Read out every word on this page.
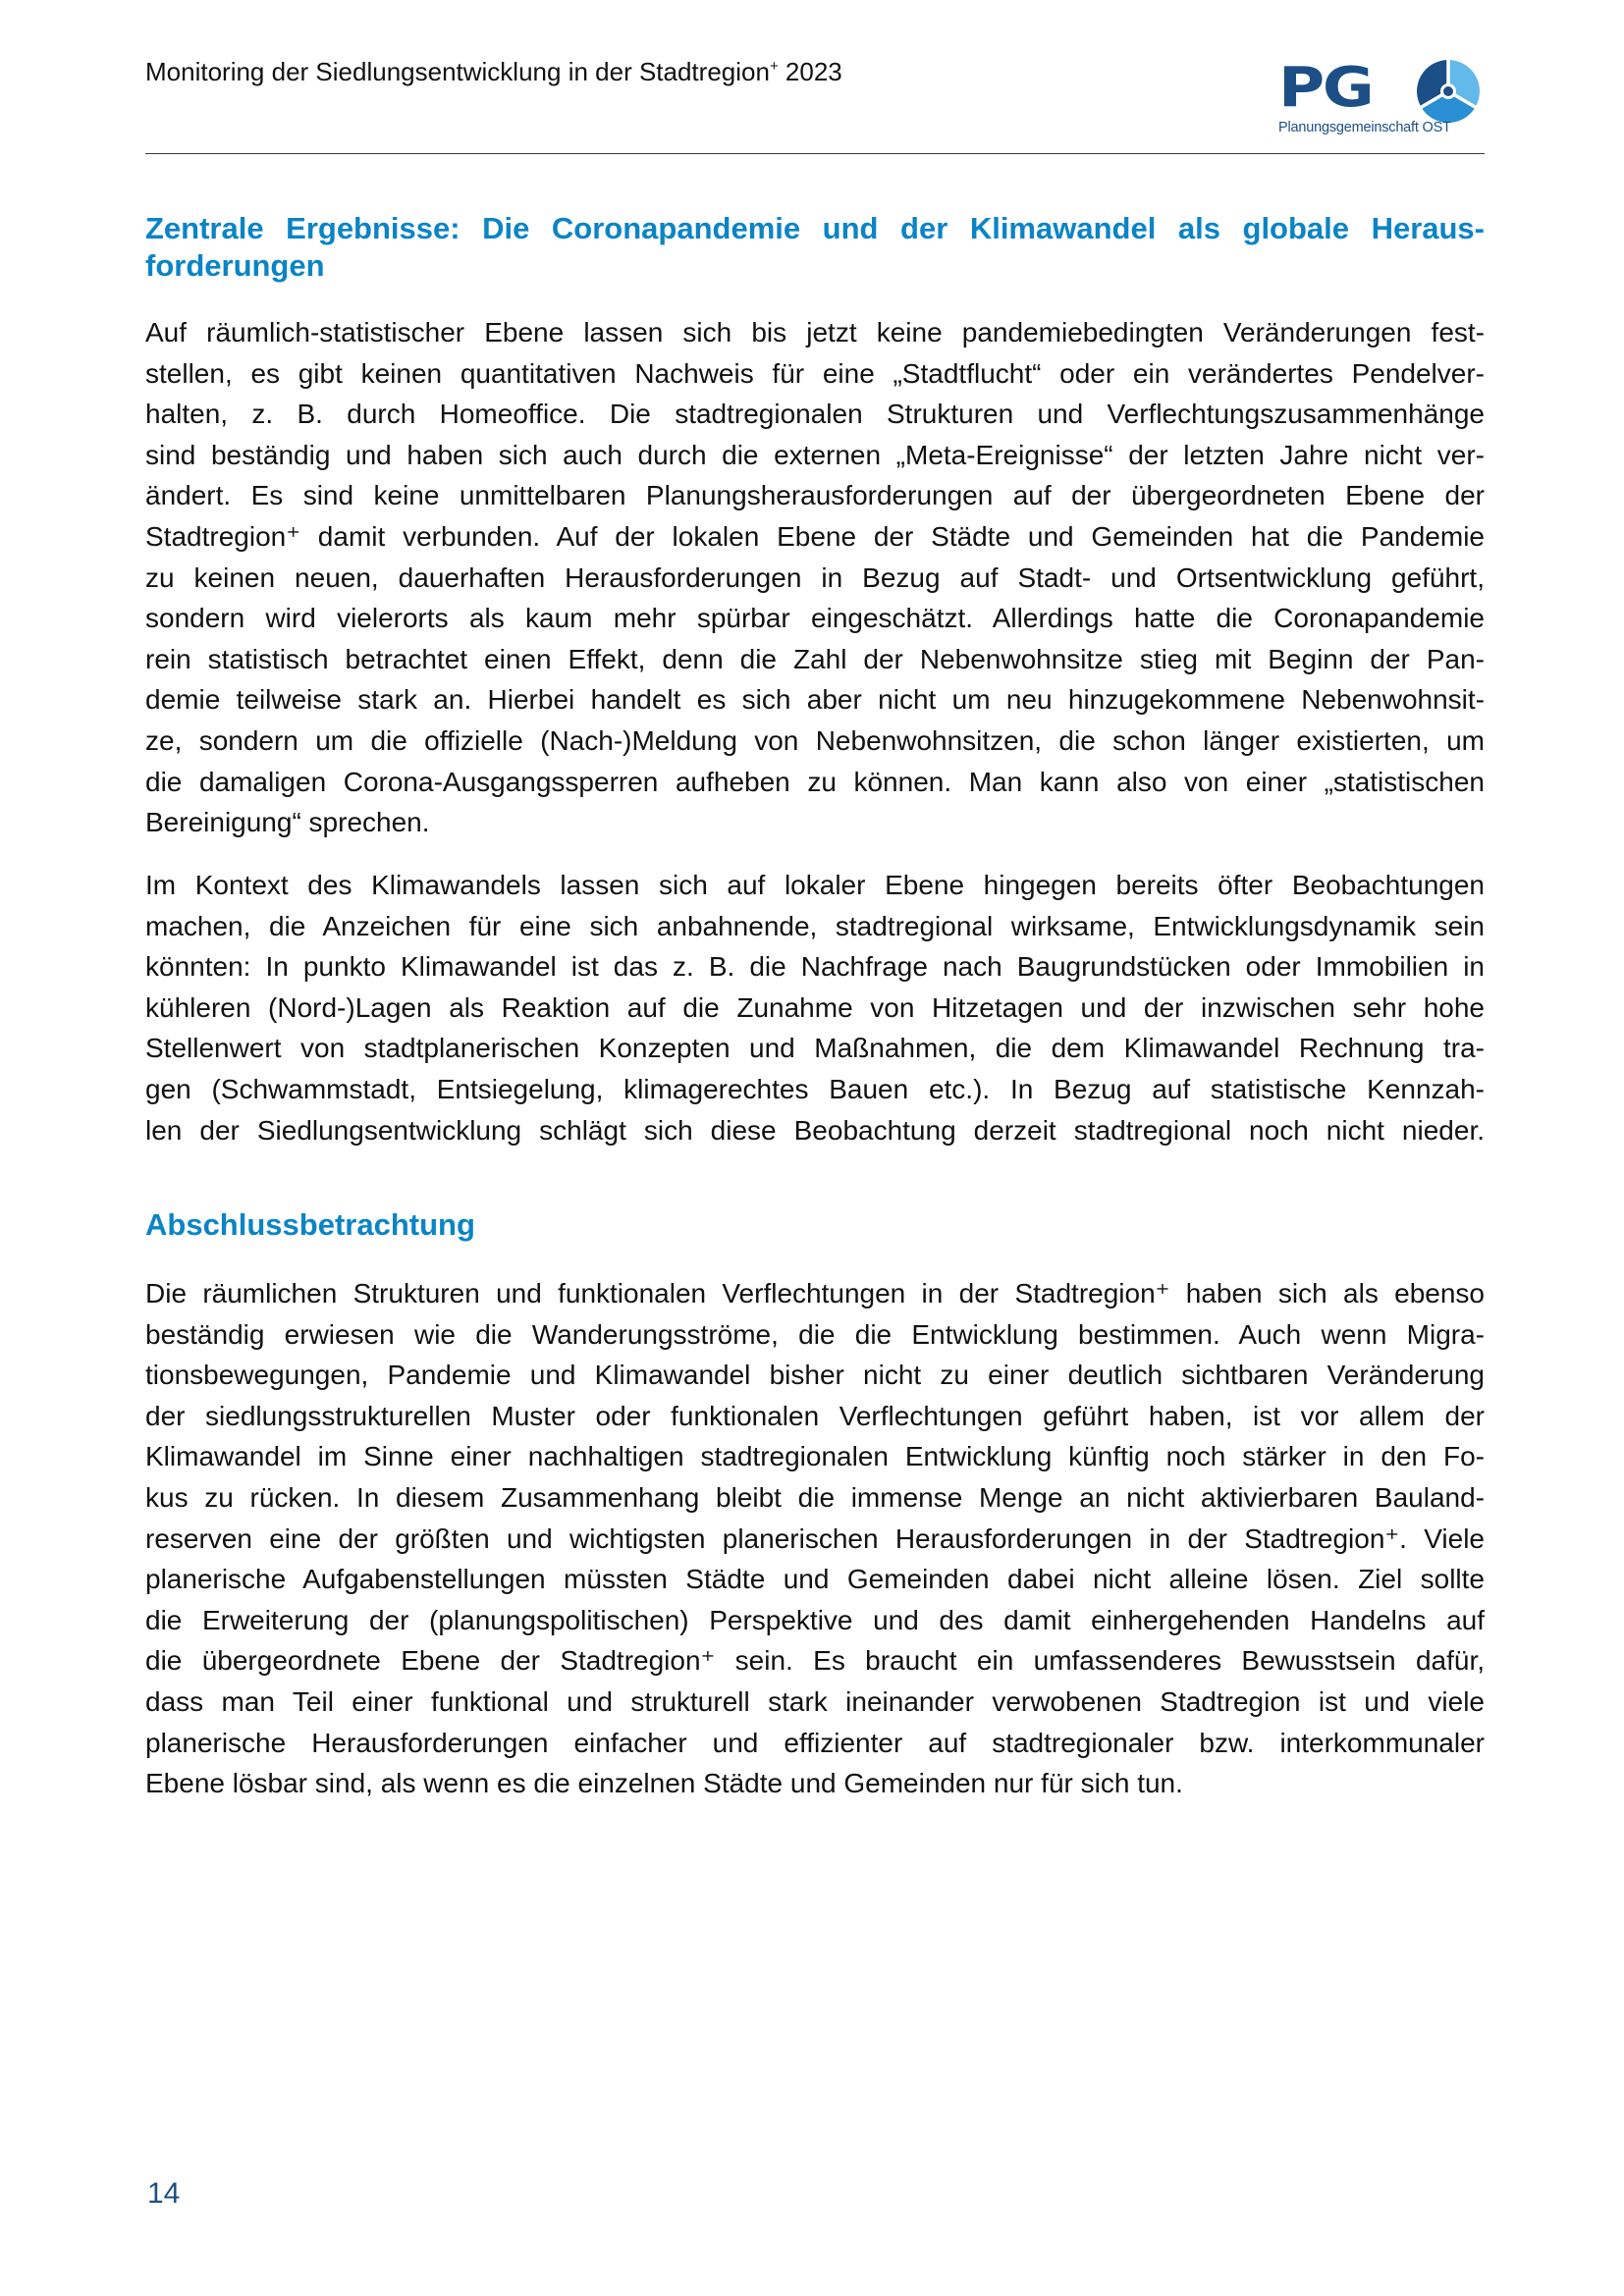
Monitoring der Siedlungsentwicklung in der Stadtregion+ 2023	PG
Planungsgemeinschaft OST
Zentrale Ergebnisse: Die Coronapandemie und der Klimawandel als globale Heraus-
forderungen
Auf räumlich-statistischer Ebene lassen sich bis jetzt keine pandemiebedingten Veränderungen fest-
stellen, es gibt keinen quantitativen Nachweis für eine „Stadtflucht“ oder ein verändertes Pendelver-
halten, z. B. durch Homeoffice. Die stadtregionalen Strukturen und Verflechtungszusammenhänge
sind beständig und haben sich auch durch die externen „Meta-Ereignisse“ der letzten Jahre nicht ver-
ändert. Es sind keine unmittelbaren Planungsherausforderungen auf der übergeordneten Ebene der
Stadtregion⁺ damit verbunden. Auf der lokalen Ebene der Städte und Gemeinden hat die Pandemie
zu keinen neuen, dauerhaften Herausforderungen in Bezug auf Stadt- und Ortsentwicklung geführt,
sondern wird vielerorts als kaum mehr spürbar eingeschätzt. Allerdings hatte die Coronapandemie
rein statistisch betrachtet einen Effekt, denn die Zahl der Nebenwohnsitze stieg mit Beginn der Pan-
demie teilweise stark an. Hierbei handelt es sich aber nicht um neu hinzugekommene Nebenwohnsit-
ze, sondern um die offizielle (Nach-)Meldung von Nebenwohnsitzen, die schon länger existierten, um
die damaligen Corona-Ausgangssperren aufheben zu können. Man kann also von einer „statistischen
Bereinigung“ sprechen.
Im Kontext des Klimawandels lassen sich auf lokaler Ebene hingegen bereits öfter Beobachtungen
machen, die Anzeichen für eine sich anbahnende, stadtregional wirksame, Entwicklungsdynamik sein
könnten: In punkto Klimawandel ist das z. B. die Nachfrage nach Baugrundstücken oder Immobilien in
kühleren (Nord-)Lagen als Reaktion auf die Zunahme von Hitzetagen und der inzwischen sehr hohe
Stellenwert von stadtplanerischen Konzepten und Maßnahmen, die dem Klimawandel Rechnung tra-
gen (Schwammstadt, Entsiegelung, klimagerechtes Bauen etc.). In Bezug auf statistische Kennzah-
len der Siedlungsentwicklung schlägt sich diese Beobachtung derzeit stadtregional noch nicht nieder.
Abschlussbetrachtung
Die räumlichen Strukturen und funktionalen Verflechtungen in der Stadtregion⁺ haben sich als ebenso
beständig erwiesen wie die Wanderungsströme, die die Entwicklung bestimmen. Auch wenn Migra-
tionsbewegungen, Pandemie und Klimawandel bisher nicht zu einer deutlich sichtbaren Veränderung
der siedlungsstrukturellen Muster oder funktionalen Verflechtungen geführt haben, ist vor allem der
Klimawandel im Sinne einer nachhaltigen stadtregionalen Entwicklung künftig noch stärker in den Fo-
kus zu rücken. In diesem Zusammenhang bleibt die immense Menge an nicht aktivierbaren Bauland-
reserven eine der größten und wichtigsten planerischen Herausforderungen in der Stadtregion⁺. Viele
planerische Aufgabenstellungen müssten Städte und Gemeinden dabei nicht alleine lösen. Ziel sollte
die Erweiterung der (planungspolitischen) Perspektive und des damit einhergehenden Handelns auf
die übergeordnete Ebene der Stadtregion⁺ sein. Es braucht ein umfassenderes Bewusstsein dafür,
dass man Teil einer funktional und strukturell stark ineinander verwobenen Stadtregion ist und viele
planerische Herausforderungen einfacher und effizienter auf stadtregionaler bzw. interkommunaler
Ebene lösbar sind, als wenn es die einzelnen Städte und Gemeinden nur für sich tun.
14
